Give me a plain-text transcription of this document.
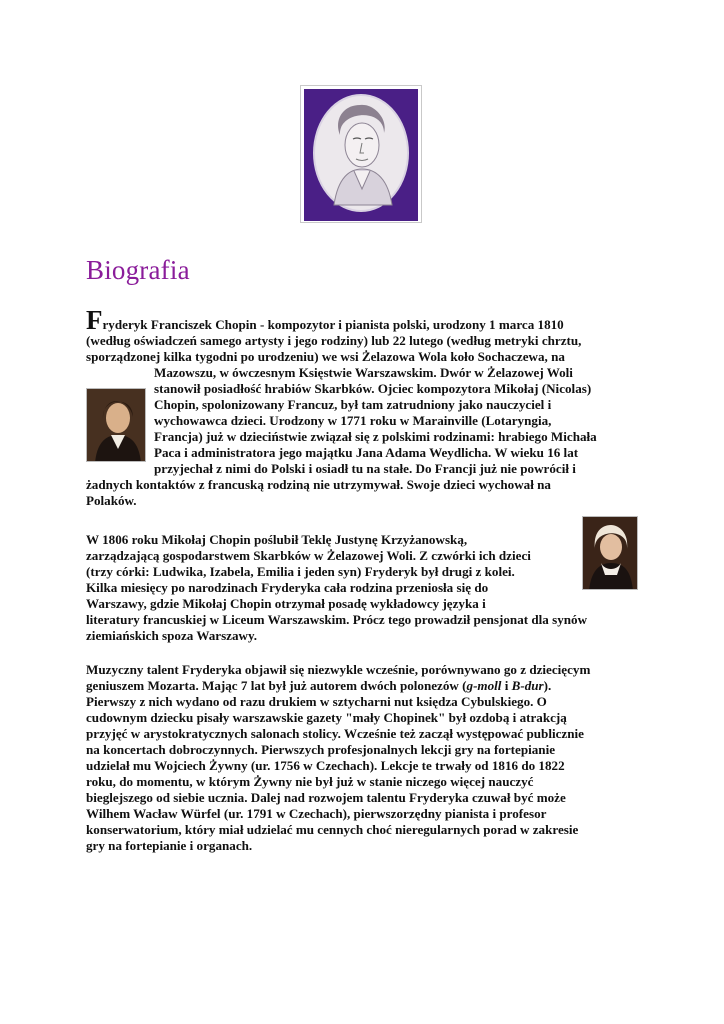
Biografia
Fryderyk Franciszek Chopin - kompozytor i pianista polski, urodzony 1 marca 1810
(według oświadczeń samego artysty i jego rodziny) lub 22 lutego (według metryki chrztu,
sporządzonej kilka tygodni po urodzeniu) we wsi Żelazowa Wola koło Sochaczewa, na
Mazowszu, w ówczesnym Księstwie Warszawskim. Dwór w Żelazowej Woli
stanowił posiadłość hrabiów Skarbków. Ojciec kompozytora Mikołaj (Nicolas)
Chopin, spolonizowany Francuz, był tam zatrudniony jako nauczyciel i
wychowawca dzieci. Urodzony w 1771 roku w Marainville (Lotaryngia,
Francja) już w dzieciństwie związał się z polskimi rodzinami: hrabiego Michała
Paca i administratora jego majątku Jana Adama Weydlicha. W wieku 16 lat
przyjechał z nimi do Polski i osiadł tu na stałe. Do Francji już nie powrócił i
żadnych kontaktów z francuską rodziną nie utrzymywał. Swoje dzieci wychował na
Polaków.
W 1806 roku Mikołaj Chopin poślubił Teklę Justynę Krzyżanowską,
zarządzającą gospodarstwem Skarbków w Żelazowej Woli. Z czwórki ich dzieci
(trzy córki: Ludwika, Izabela, Emilia i jeden syn) Fryderyk był drugi z kolei.
Kilka miesięcy po narodzinach Fryderyka cała rodzina przeniosła się do
Warszawy, gdzie Mikołaj Chopin otrzymał posadę wykładowcy języka i
literatury francuskiej w Liceum Warszawskim. Prócz tego prowadził pensjonat dla synów
ziemiańskich spoza Warszawy.
Muzyczny talent Fryderyka objawił się niezwykle wcześnie, porównywano go z dziecięcym
geniuszem Mozarta. Mając 7 lat był już autorem dwóch polonezów (g-moll i B-dur).
Pierwszy z nich wydano od razu drukiem w sztycharni nut księdza Cybulskiego. O
cudownym dziecku pisały warszawskie gazety "mały Chopinek" był ozdobą i atrakcją
przyjęć w arystokratycznych salonach stolicy. Wcześnie też zaczął występować publicznie
na koncertach dobroczynnych. Pierwszych profesjonalnych lekcji gry na fortepianie
udzielał mu Wojciech Żywny (ur. 1756 w Czechach). Lekcje te trwały od 1816 do 1822
roku, do momentu, w którym Żywny nie był już w stanie niczego więcej nauczyć
bieglejszego od siebie ucznia. Dalej nad rozwojem talentu Fryderyka czuwał być może
Wilhem Wacław Würfel (ur. 1791 w Czechach), pierwszorzędny pianista i profesor
konserwatorium, który miał udzielać mu cennych choć nieregularnych porad w zakresie
gry na fortepianie i organach.
